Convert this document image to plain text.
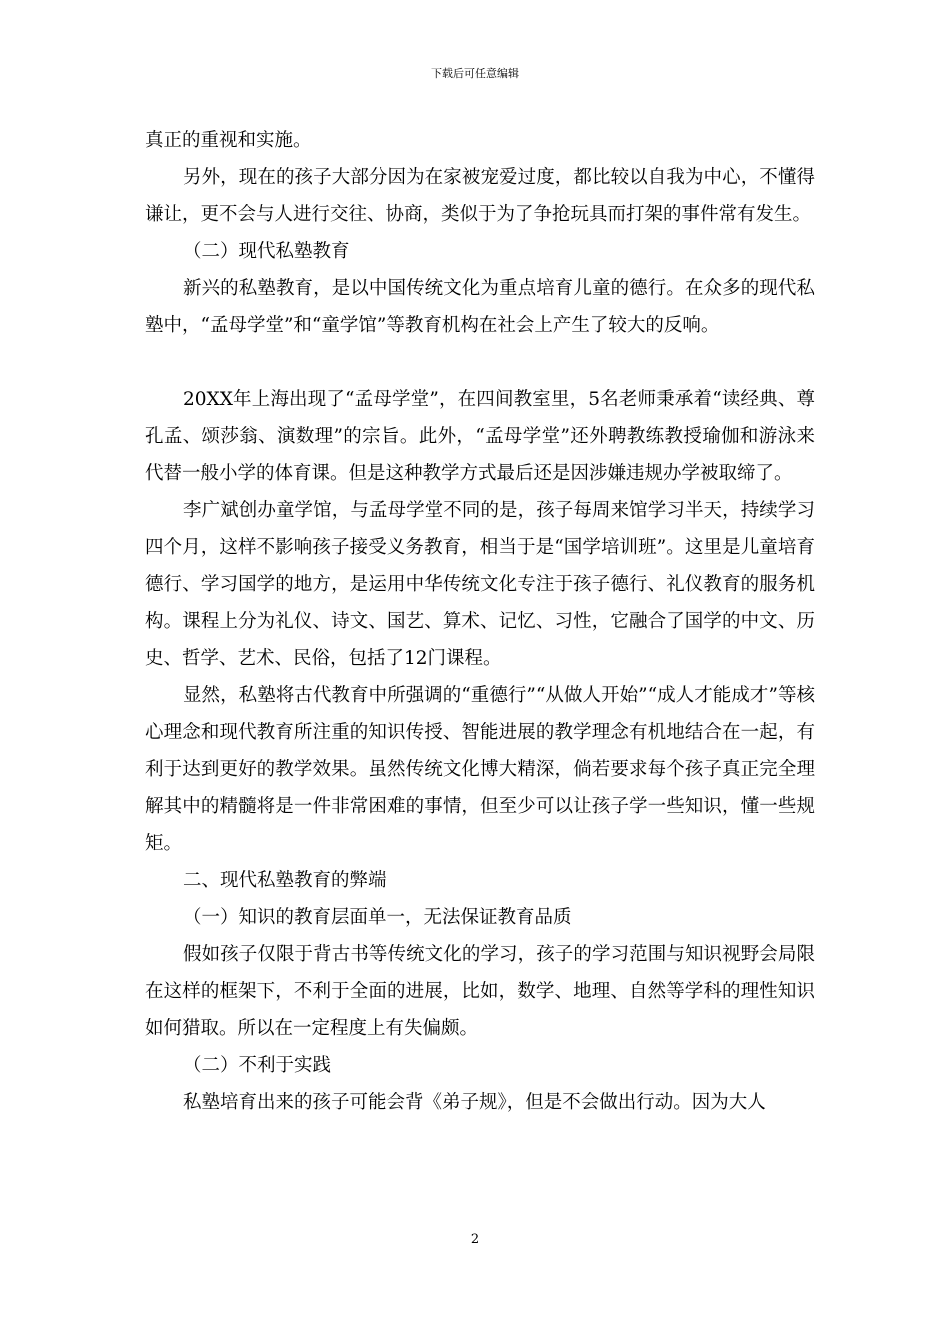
下载后可任意编辑

真正的重视和实施。

另外，现在的孩子大部分因为在家被宠爱过度，都比较以自我为中心，不懂得谦让，更不会与人进行交往、协商，类似于为了争抢玩具而打架的事件常有发生。

（二）现代私塾教育

新兴的私塾教育，是以中国传统文化为重点培育儿童的德行。在众多的现代私塾中，“孟母学堂”和“童学馆”等教育机构在社会上产生了较大的反响。

20XX年上海出现了“孟母学堂”，在四间教室里，5名老师秉承着“读经典、尊孔孟、颂莎翁、演数理”的宗旨。此外，“孟母学堂”还外聘教练教授瑜伽和游泳来代替一般小学的体育课。但是这种教学方式最后还是因涉嫌违规办学被取缔了。

李广斌创办童学馆，与孟母学堂不同的是，孩子每周来馆学习半天，持续学习四个月，这样不影响孩子接受义务教育，相当于是“国学培训班”。这里是儿童培育德行、学习国学的地方，是运用中华传统文化专注于孩子德行、礼仪教育的服务机构。课程上分为礼仪、诗文、国艺、算术、记忆、习性，它融合了国学的中文、历史、哲学、艺术、民俗，包括了12门课程。

显然，私塾将古代教育中所强调的“重德行”“从做人开始”“成人才能成才”等核心理念和现代教育所注重的知识传授、智能进展的教学理念有机地结合在一起，有利于达到更好的教学效果。虽然传统文化博大精深，倘若要求每个孩子真正完全理解其中的精髓将是一件非常困难的事情，但至少可以让孩子学一些知识，懂一些规矩。

二、现代私塾教育的弊端

（一）知识的教育层面单一，无法保证教育品质

假如孩子仅限于背古书等传统文化的学习，孩子的学习范围与知识视野会局限在这样的框架下，不利于全面的进展，比如，数学、地理、自然等学科的理性知识如何猎取。所以在一定程度上有失偏颇。

（二）不利于实践

私塾培育出来的孩子可能会背《弟子规》，但是不会做出行动。因为大人

2
